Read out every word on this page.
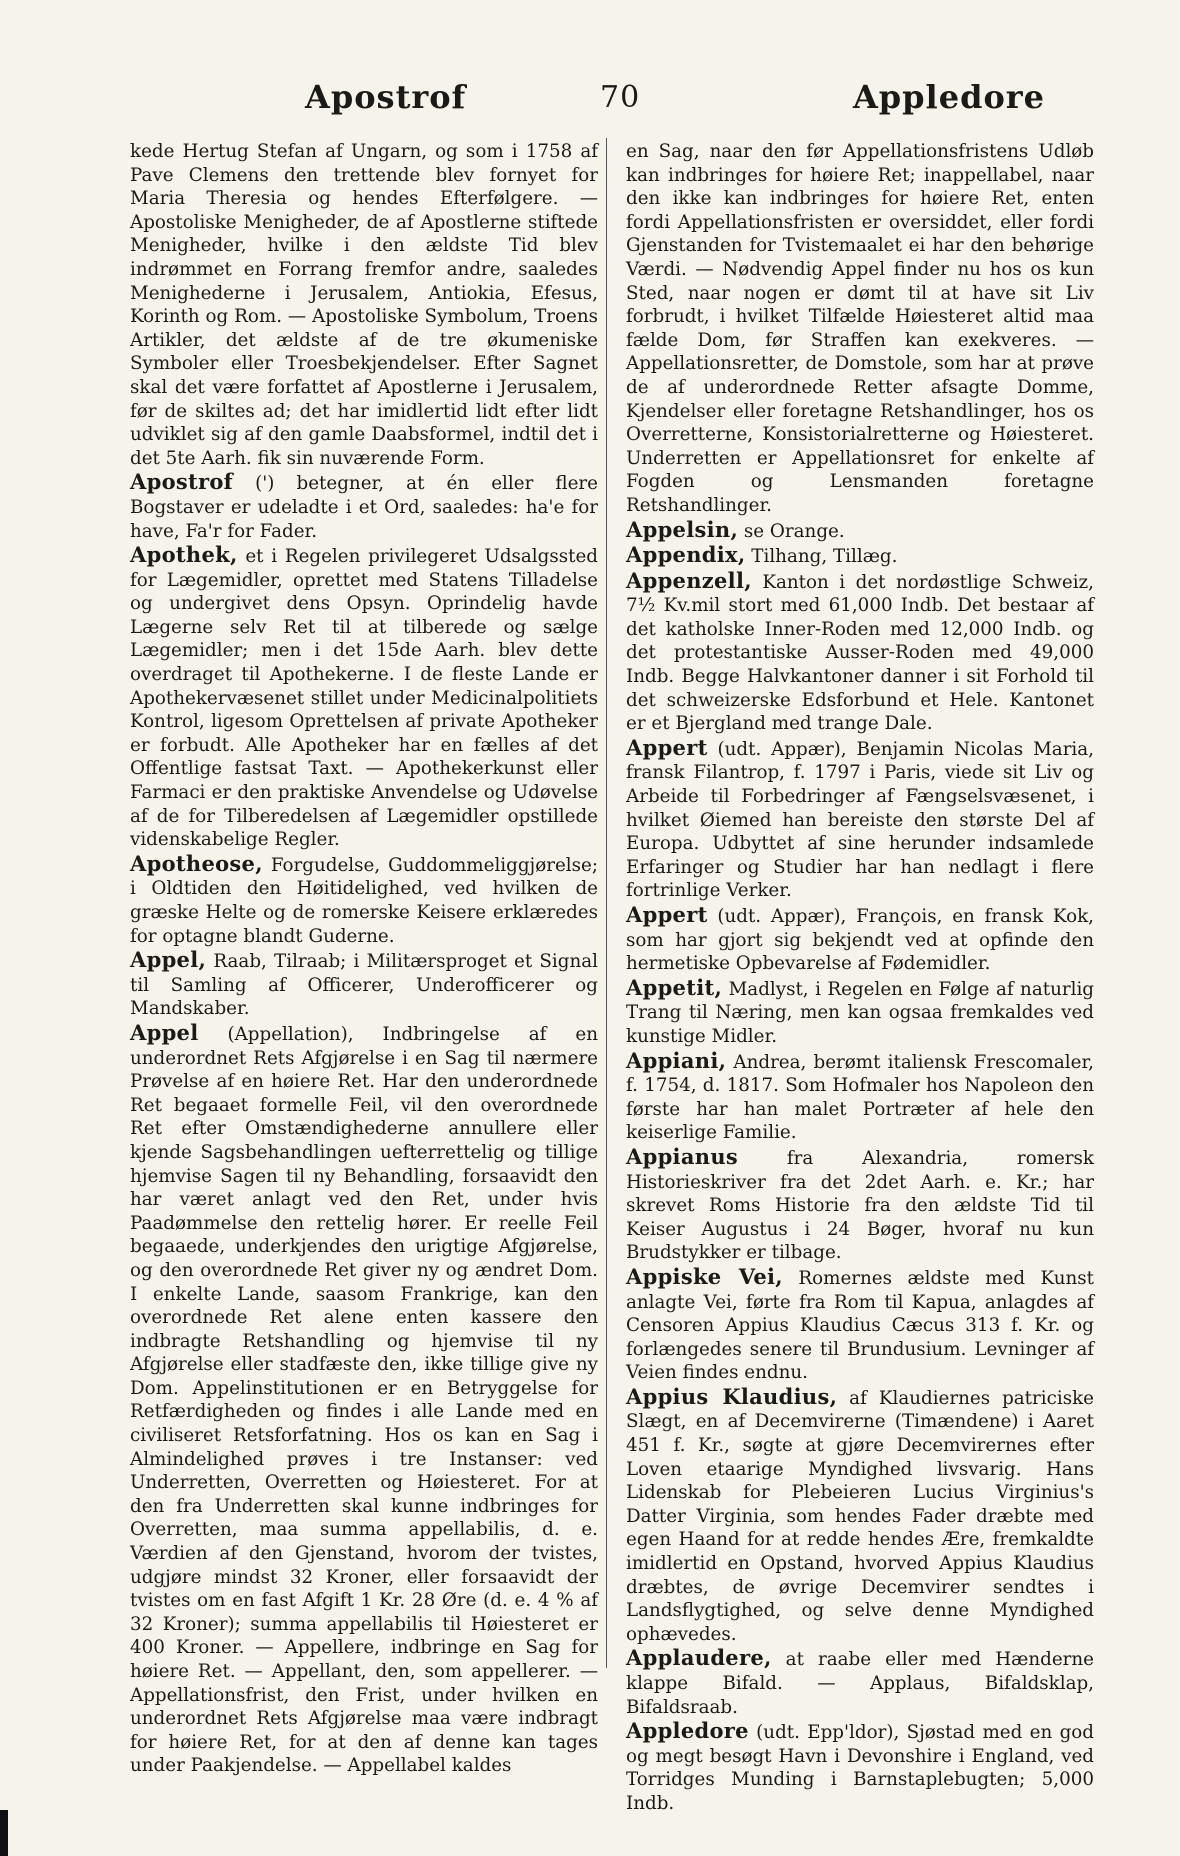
Apostrof	70	Appledore
kede Hertug Stefan af Ungarn, og som i 1758 af Pave Clemens den trettende blev fornyet for Maria Theresia og hendes Efterfølgere. — Apostoliske Menigheder, de af Apostlerne stiftede Menigheder, hvilke i den ældste Tid blev indrømmet en Forrang fremfor andre, saaledes Menighederne i Jerusalem, Antiokia, Efesus, Korinth og Rom. — Apostoliske Symbolum, Troens Artikler, det ældste af de tre økumeniske Symboler eller Troesbekjendelser. Efter Sagnet skal det være forfattet af Apostlerne i Jerusalem, før de skiltes ad; det har imidlertid lidt efter lidt udviklet sig af den gamle Daabsformel, indtil det i det 5te Aarh. fik sin nuværende Form.
Apostrof (') betegner, at én eller flere Bogstaver er udeladte i et Ord, saaledes: ha'e for have, Fa'r for Fader.
Apothek, et i Regelen privilegeret Udsalgssted for Lægemidler, oprettet med Statens Tilladelse og undergivet dens Opsyn. Oprindelig havde Lægerne selv Ret til at tilberede og sælge Lægemidler; men i det 15de Aarh. blev dette overdraget til Apothekerne. I de fleste Lande er Apothekervæsenet stillet under Medicinalpolitiets Kontrol, ligesom Oprettelsen af private Apotheker er forbudt. Alle Apotheker har en fælles af det Offentlige fastsat Taxt. — Apothekerkunst eller Farmaci er den praktiske Anvendelse og Udøvelse af de for Tilberedelsen af Lægemidler opstillede videnskabelige Regler.
Apotheose, Forgudelse, Guddommeliggjørelse; i Oldtiden den Høitidelighed, ved hvilken de græske Helte og de romerske Keisere erklæredes for optagne blandt Guderne.
Appel, Raab, Tilraab; i Militærsproget et Signal til Samling af Officerer, Underofficerer og Mandskaber.
Appel (Appellation), Indbringelse af en underordnet Rets Afgjørelse i en Sag til nærmere Prøvelse af en høiere Ret. Har den underordnede Ret begaaet formelle Feil, vil den overordnede Ret efter Omstændighederne annullere eller kjende Sagsbehandlingen uefterrettelig og tillige hjemvise Sagen til ny Behandling, forsaavidt den har været anlagt ved den Ret, under hvis Paadømmelse den rettelig hører. Er reelle Feil begaaede, underkjendes den urigtige Afgjørelse, og den overordnede Ret giver ny og ændret Dom. I enkelte Lande, saasom Frankrige, kan den overordnede Ret alene enten kassere den indbragte Retshandling og hjemvise til ny Afgjørelse eller stadfæste den, ikke tillige give ny Dom. Appelinstitutionen er en Betryggelse for Retfærdigheden og findes i alle Lande med en civiliseret Retsforfatning. Hos os kan en Sag i Almindelighed prøves i tre Instanser: ved Underretten, Overretten og Høiesteret. For at den fra Underretten skal kunne indbringes for Overretten, maa summa appellabilis, d. e. Værdien af den Gjenstand, hvorom der tvistes, udgjøre mindst 32 Kroner, eller forsaavidt der tvistes om en fast Afgift 1 Kr. 28 Øre (d. e. 4 % af 32 Kroner); summa appellabilis til Høiesteret er 400 Kroner. — Appellere, indbringe en Sag for høiere Ret. — Appellant, den, som appellerer. — Appellationsfrist, den Frist, under hvilken en underordnet Rets Afgjørelse maa være indbragt for høiere Ret, for at den af denne kan tages under Paakjendelse. — Appellabel kaldes
en Sag, naar den før Appellationsfristens Udløb kan indbringes for høiere Ret; inappellabel, naar den ikke kan indbringes for høiere Ret, enten fordi Appellationsfristen er oversiddet, eller fordi Gjenstanden for Tvistemaalet ei har den behørige Værdi. — Nødvendig Appel finder nu hos os kun Sted, naar nogen er dømt til at have sit Liv forbrudt, i hvilket Tilfælde Høiesteret altid maa fælde Dom, før Straffen kan exekveres. — Appellationsretter, de Domstole, som har at prøve de af underordnede Retter afsagte Domme, Kjendelser eller foretagne Retshandlinger, hos os Overretterne, Konsistorialretterne og Høiesteret. Underretten er Appellationsret for enkelte af Fogden og Lensmanden foretagne Retshandlinger.
Appelsin, se Orange.
Appendix, Tilhang, Tillæg.
Appenzell, Kanton i det nordøstlige Schweiz, 7½ Kv.mil stort med 61,000 Indb. Det bestaar af det katholske Inner-Roden med 12,000 Indb. og det protestantiske Ausser-Roden med 49,000 Indb. Begge Halvkantoner danner i sit Forhold til det schweizerske Edsforbund et Hele. Kantonet er et Bjergland med trange Dale.
Appert (udt. Appær), Benjamin Nicolas Maria, fransk Filantrop, f. 1797 i Paris, viede sit Liv og Arbeide til Forbedringer af Fængselsvæsenet, i hvilket Øiemed han bereiste den største Del af Europa. Udbyttet af sine herunder indsamlede Erfaringer og Studier har han nedlagt i flere fortrinlige Verker.
Appert (udt. Appær), François, en fransk Kok, som har gjort sig bekjendt ved at opfinde den hermetiske Opbevarelse af Fødemidler.
Appetit, Madlyst, i Regelen en Følge af naturlig Trang til Næring, men kan ogsaa fremkaldes ved kunstige Midler.
Appiani, Andrea, berømt italiensk Frescomaler, f. 1754, d. 1817. Som Hofmaler hos Napoleon den første har han malet Portræter af hele den keiserlige Familie.
Appianus fra Alexandria, romersk Historieskriver fra det 2det Aarh. e. Kr.; har skrevet Roms Historie fra den ældste Tid til Keiser Augustus i 24 Bøger, hvoraf nu kun Brudstykker er tilbage.
Appiske Vei, Romernes ældste med Kunst anlagte Vei, førte fra Rom til Kapua, anlagdes af Censoren Appius Klaudius Cæcus 313 f. Kr. og forlængedes senere til Brundusium. Levninger af Veien findes endnu.
Appius Klaudius, af Klaudiernes patriciske Slægt, en af Decemvirerne (Timændene) i Aaret 451 f. Kr., søgte at gjøre Decemvirernes efter Loven etaarige Myndighed livsvarig. Hans Lidenskab for Plebeieren Lucius Virginius's Datter Virginia, som hendes Fader dræbte med egen Haand for at redde hendes Ære, fremkaldte imidlertid en Opstand, hvorved Appius Klaudius dræbtes, de øvrige Decemvirer sendtes i Landsflygtighed, og selve denne Myndighed ophævedes.
Applaudere, at raabe eller med Hænderne klappe Bifald. — Applaus, Bifaldsklap, Bifaldsraab.
Appledore (udt. Epp'ldor), Sjøstad med en god og megt besøgt Havn i Devonshire i England, ved Torridges Munding i Barnstaplebugten; 5,000 Indb.
